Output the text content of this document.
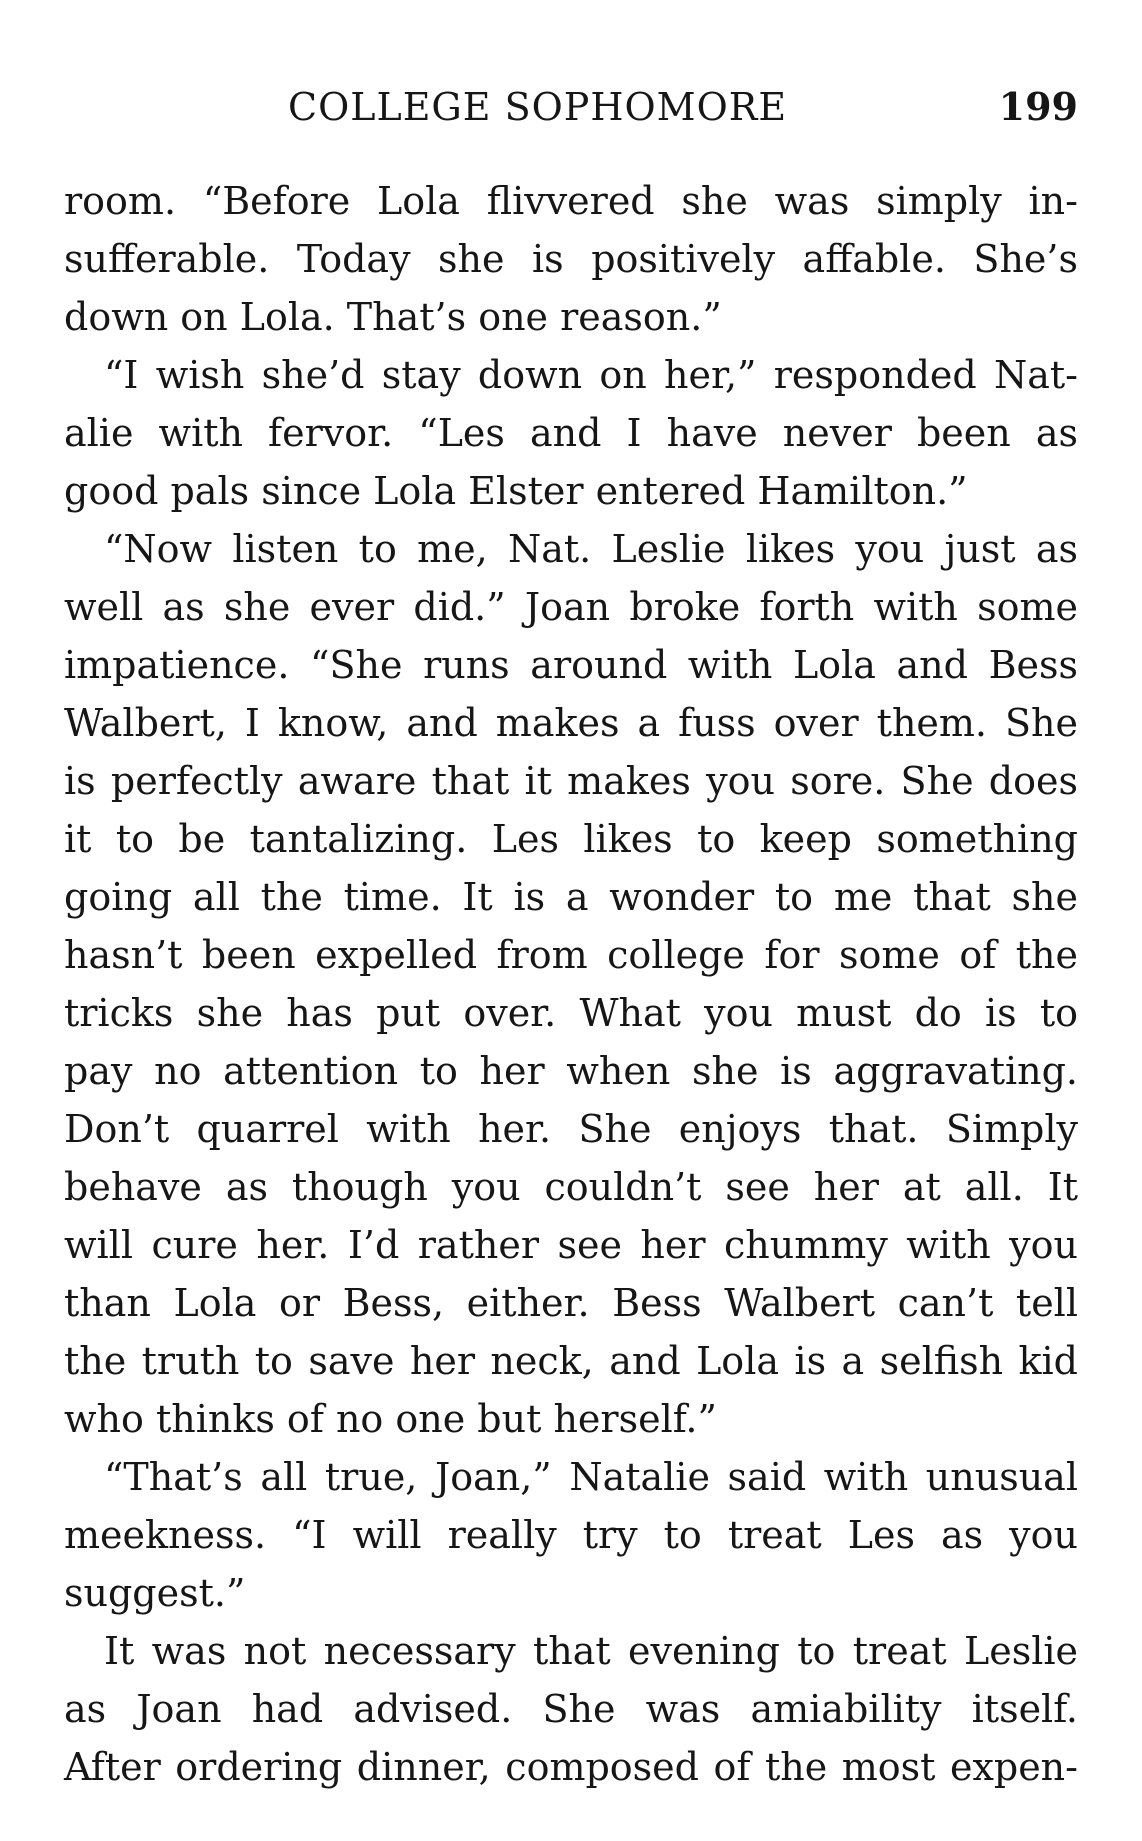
COLLEGE SOPHOMORE	199
room. “Before Lola flivvered she was simply in-
sufferable. Today she is positively affable. She’s
down on Lola. That’s one reason.”
“I wish she’d stay down on her,” responded Nat-
alie with fervor. “Les and I have never been as
good pals since Lola Elster entered Hamilton.”
“Now listen to me, Nat. Leslie likes you just as
well as she ever did.” Joan broke forth with some
impatience. “She runs around with Lola and Bess
Walbert, I know, and makes a fuss over them. She
is perfectly aware that it makes you sore. She does
it to be tantalizing. Les likes to keep something
going all the time. It is a wonder to me that she
hasn’t been expelled from college for some of the
tricks she has put over. What you must do is to
pay no attention to her when she is aggravating.
Don’t quarrel with her. She enjoys that. Simply
behave as though you couldn’t see her at all. It
will cure her. I’d rather see her chummy with you
than Lola or Bess, either. Bess Walbert can’t tell
the truth to save her neck, and Lola is a selfish kid
who thinks of no one but herself.”
“That’s all true, Joan,” Natalie said with unusual
meekness. “I will really try to treat Les as you
suggest.”
It was not necessary that evening to treat Leslie
as Joan had advised. She was amiability itself.
After ordering dinner, composed of the most expen-
